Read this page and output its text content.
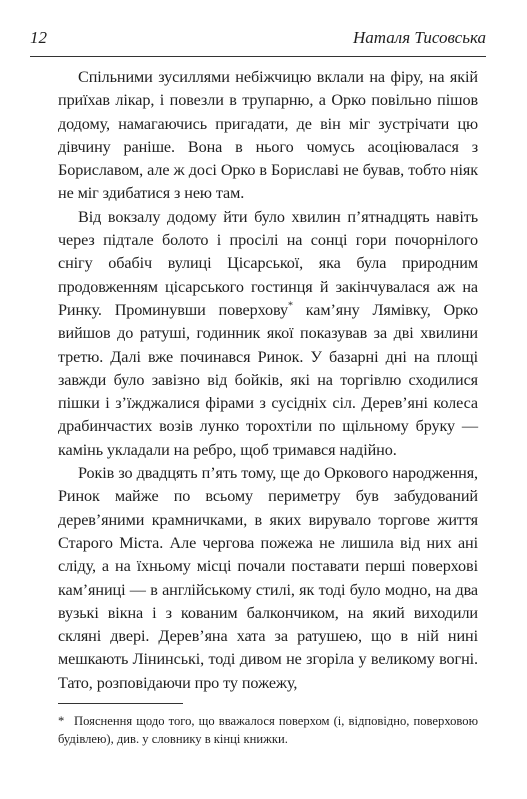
12	Наталя Тисовська

Спільними зусиллями небіжчицю вклали на фіру, на якій приїхав лікар, і повезли в трупарню, а Орко повільно пішов додому, намагаючись пригадати, де він міг зустрічати цю дівчину раніше. Вона в нього чомусь асоціювалася з Бориславом, але ж досі Орко в Бориславі не бував, тобто ніяк не міг здибатися з нею там.

Від вокзалу додому йти було хвилин п’ятнадцять навіть через підтале болото і просілі на сонці гори почорнілого снігу обабіч вулиці Цісарської, яка була природним продовженням цісарського гостинця й закінчувалася аж на Ринку. Проминувши поверхову* кам’яну Лямівку, Орко вийшов до ратуші, годинник якої показував за дві хвилини третю. Далі вже починався Ринок. У базарні дні на площі завжди було завізно від бойків, які на торгівлю сходилися пішки і з’їжджалися фірами з сусідніх сіл. Дерев’яні колеса драбинчастих возів лунко торохтіли по щільному бруку — камінь укладали на ребро, щоб тримався надійно.

Років зо двадцять п’ять тому, ще до Оркового народження, Ринок майже по всьому периметру був забудований дерев’яними крамничками, в яких вирувало торгове життя Старого Міста. Але чергова пожежа не лишила від них ані сліду, а на їхньому місці почали поставати перші поверхові кам’яниці — в англійському стилі, як тоді було модно, на два вузькі вікна і з кованим балкончиком, на який виходили скляні двері. Дерев’яна хата за ратушею, що в ній нині мешкають Лінинські, тоді дивом не згоріла у великому вогні. Тато, розповідаючи про ту пожежу,

* Пояснення щодо того, що вважалося поверхом (і, відповідно, поверховою будівлею), див. у словнику в кінці книжки.
